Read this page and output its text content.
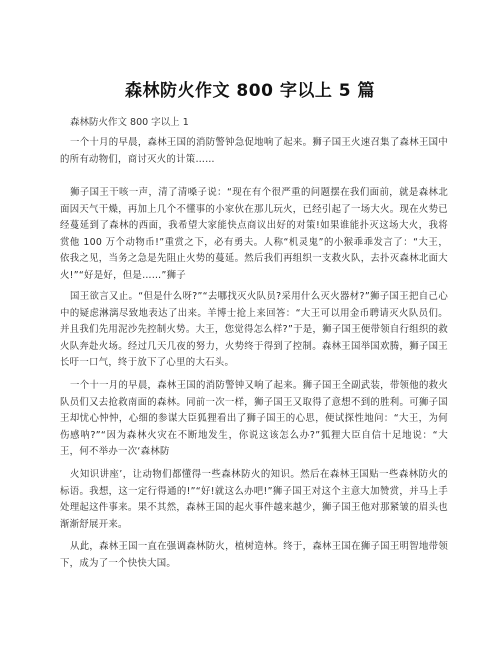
森林防火作文 800 字以上 5 篇
森林防火作文 800 字以上 1

一个十月的早晨，森林王国的消防警钟急促地响了起来。狮子国王火速召集了森林王国中的所有动物们，商讨灭火的计策……

狮子国王干咳一声，清了清嗓子说：“现在有个很严重的问题摆在我们面前，就是森林北面因天气干燥，再加上几个不懂事的小家伙在那儿玩火，已经引起了一场大火。现在火势已经蔓延到了森林的西面，我希望大家能快点商议出好的对策!如果谁能扑灭这场大火，我将赏他 100 万个动物币!”重赏之下，必有勇夫。人称“机灵鬼”的小猴乖乖发言了：“大王，依我之见，当务之急是先阻止火势的蔓延。然后我们再组织一支救火队，去扑灭森林北面大火!”“好是好，但是……”狮子

国王欲言又止。“但是什么呀?”“去哪找灭火队员?采用什么灭火器材?”狮子国王把自己心中的疑虑淋漓尽致地表达了出来。羊博士抢上来回答：“大王可以用金币聘请灭火队员们。并且我们先用泥沙先控制火势。大王，您觉得怎么样?”于是，狮子国王便带领自行组织的救火队奔赴火场。经过几天几夜的努力，火势终于得到了控制。森林王国举国欢腾，狮子国王长吁一口气，终于放下了心里的大石头。

一个十一月的早晨，森林王国的消防警钟又响了起来。狮子国王全副武装，带领他的救火队员们又去抢救南面的森林。同前一次一样，狮子国王又取得了意想不到的胜利。可狮子国王却忧心忡忡，心细的参谋大臣狐狸看出了狮子国王的心思，便试探性地问：“大王，为何伤感呐?”“因为森林火灾在不断地发生，你说这该怎么办?”狐狸大臣自信十足地说：“大王，何不举办一次‘森林防

火知识讲座’，让动物们都懂得一些森林防火的知识。然后在森林王国贴一些森林防火的标语。我想，这一定行得通的!”“好!就这么办吧!”狮子国王对这个主意大加赞赏，并马上手处理起这件事来。果不其然，森林王国的起火事件越来越少，狮子国王他对那紧皱的眉头也渐渐舒展开来。

从此，森林王国一直在强调森林防火，植树造林。终于，森林王国在狮子国王明智地带领下，成为了一个快快大国。
